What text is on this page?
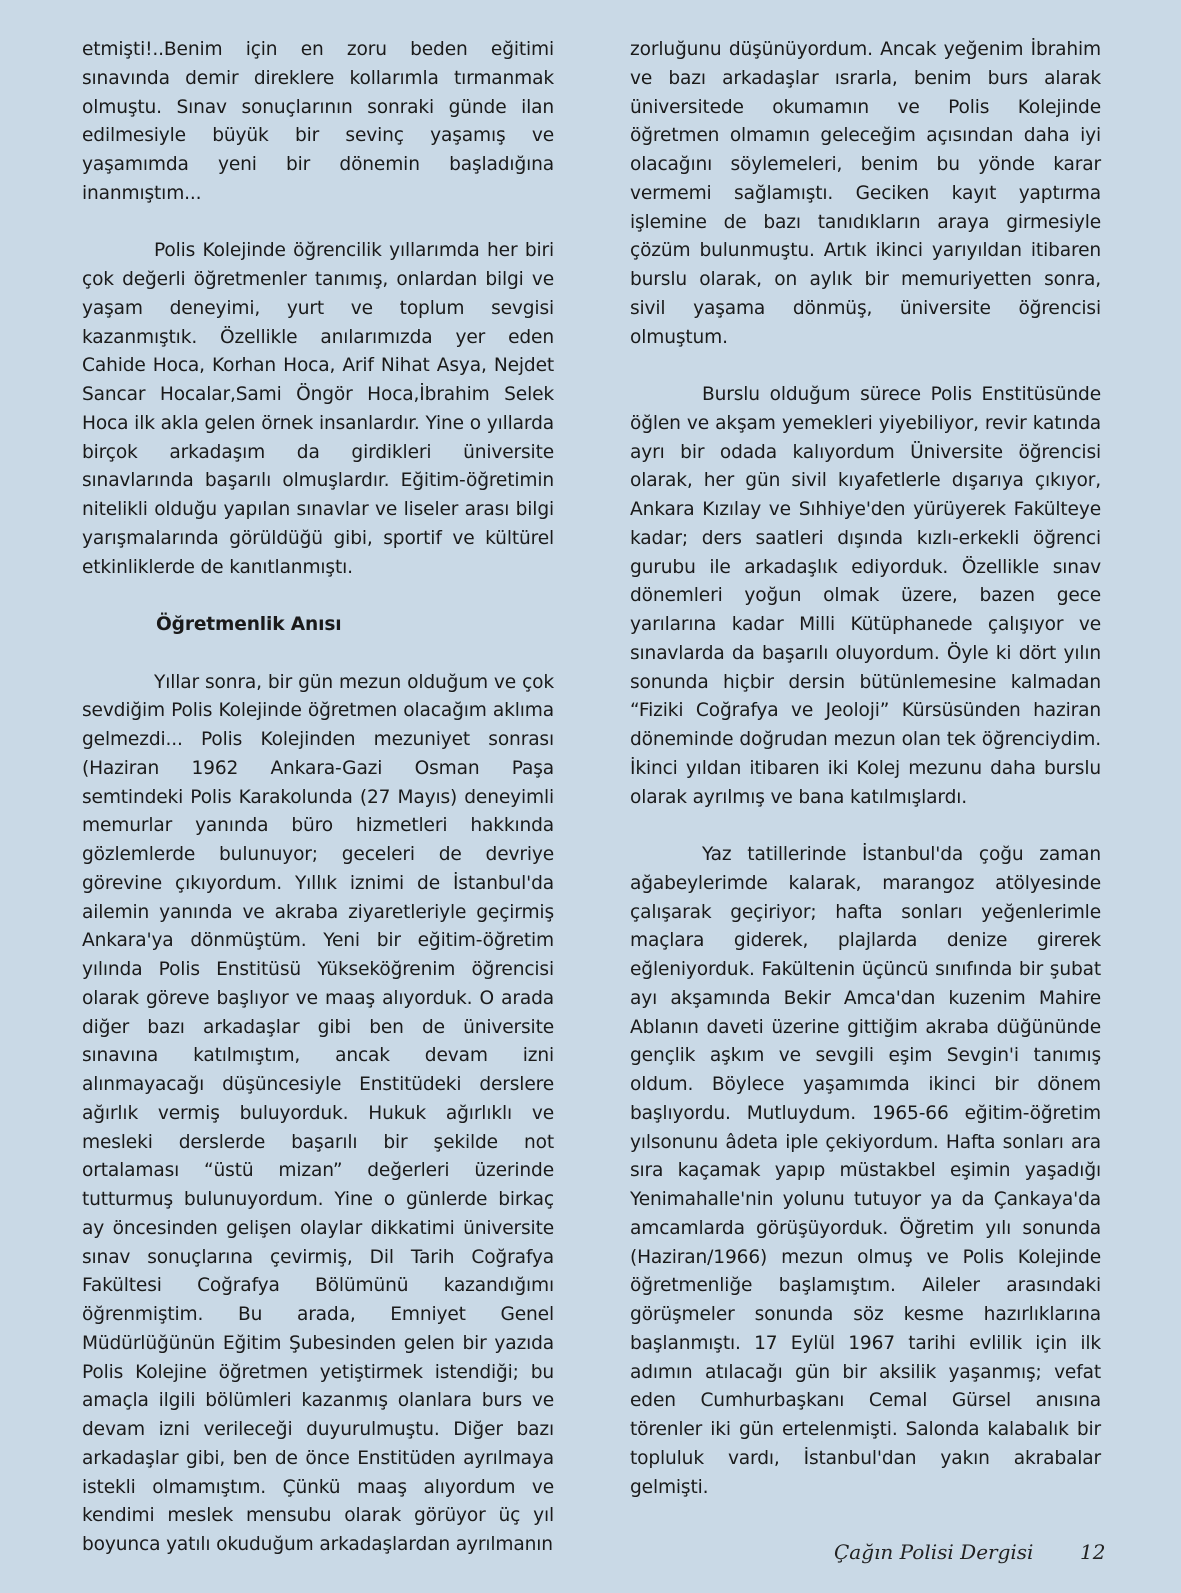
etmişti!..Benim için en zoru beden eğitimi sınavında demir direklere kollarımla tırmanmak olmuştu. Sınav sonuçlarının sonraki günde ilan edilmesiyle büyük bir sevinç yaşamış ve yaşamımda yeni bir dönemin başladığına inanmıştım...

Polis Kolejinde öğrencilik yıllarımda her biri çok değerli öğretmenler tanımış, onlardan bilgi ve yaşam deneyimi, yurt ve toplum sevgisi kazanmıştık. Özellikle anılarımızda yer eden Cahide Hoca, Korhan Hoca, Arif Nihat Asya, Nejdet Sancar Hocalar,Sami Öngör Hoca,İbrahim Selek Hoca ilk akla gelen örnek insanlardır. Yine o yıllarda birçok arkadaşım da girdikleri üniversite sınavlarında başarılı olmuşlardır. Eğitim-öğretimin nitelikli olduğu yapılan sınavlar ve liseler arası bilgi yarışmalarında görüldüğü gibi, sportif ve kültürel etkinliklerde de kanıtlanmıştı.

Öğretmenlik Anısı

Yıllar sonra, bir gün mezun olduğum ve çok sevdiğim Polis Kolejinde öğretmen olacağım aklıma gelmezdi... Polis Kolejinden mezuniyet sonrası (Haziran 1962 Ankara-Gazi Osman Paşa semtindeki Polis Karakolunda (27 Mayıs) deneyimli memurlar yanında büro hizmetleri hakkında gözlemlerde bulunuyor; geceleri de devriye görevine çıkıyordum. Yıllık iznimi de İstanbul'da ailemin yanında ve akraba ziyaretleriyle geçirmiş Ankara'ya dönmüştüm. Yeni bir eğitim-öğretim yılında Polis Enstitüsü Yükseköğrenim öğrencisi olarak göreve başlıyor ve maaş alıyorduk. O arada diğer bazı arkadaşlar gibi ben de üniversite sınavına katılmıştım, ancak devam izni alınmayacağı düşüncesiyle Enstitüdeki derslere ağırlık vermiş buluyorduk. Hukuk ağırlıklı ve mesleki derslerde başarılı bir şekilde not ortalaması “üstü mizan” değerleri üzerinde tutturmuş bulunuyordum. Yine o günlerde birkaç ay öncesinden gelişen olaylar dikkatimi üniversite sınav sonuçlarına çevirmiş, Dil Tarih Coğrafya Fakültesi Coğrafya Bölümünü kazandığımı öğrenmiştim. Bu arada, Emniyet Genel Müdürlüğünün Eğitim Şubesinden gelen bir yazıda Polis Kolejine öğretmen yetiştirmek istendiği; bu amaçla ilgili bölümleri kazanmış olanlara burs ve devam izni verileceği duyurulmuştu. Diğer bazı arkadaşlar gibi, ben de önce Enstitüden ayrılmaya istekli olmamıştım. Çünkü maaş alıyordum ve kendimi meslek mensubu olarak görüyor üç yıl boyunca yatılı okuduğum arkadaşlardan ayrılmanın

zorluğunu düşünüyordum. Ancak yeğenim İbrahim ve bazı arkadaşlar ısrarla, benim burs alarak üniversitede okumamın ve Polis Kolejinde öğretmen olmamın geleceğim açısından daha iyi olacağını söylemeleri, benim bu yönde karar vermemi sağlamıştı. Geciken kayıt yaptırma işlemine de bazı tanıdıkların araya girmesiyle çözüm bulunmuştu. Artık ikinci yarıyıldan itibaren burslu olarak, on aylık bir memuriyetten sonra, sivil yaşama dönmüş, üniversite öğrencisi olmuştum.

Burslu olduğum sürece Polis Enstitüsünde öğlen ve akşam yemekleri yiyebiliyor, revir katında ayrı bir odada kalıyordum Üniversite öğrencisi olarak, her gün sivil kıyafetlerle dışarıya çıkıyor, Ankara Kızılay ve Sıhhiye'den yürüyerek Fakülteye kadar; ders saatleri dışında kızlı-erkekli öğrenci gurubu ile arkadaşlık ediyorduk. Özellikle sınav dönemleri yoğun olmak üzere, bazen gece yarılarına kadar Milli Kütüphanede çalışıyor ve sınavlarda da başarılı oluyordum. Öyle ki dört yılın sonunda hiçbir dersin bütünlemesine kalmadan “Fiziki Coğrafya ve Jeoloji” Kürsüsünden haziran döneminde doğrudan mezun olan tek öğrenciydim. İkinci yıldan itibaren iki Kolej mezunu daha burslu olarak ayrılmış ve bana katılmışlardı.

Yaz tatillerinde İstanbul'da çoğu zaman ağabeylerimde kalarak, marangoz atölyesinde çalışarak geçiriyor; hafta sonları yeğenlerimle maçlara giderek, plajlarda denize girerek eğleniyorduk. Fakültenin üçüncü sınıfında bir şubat ayı akşamında Bekir Amca'dan kuzenim Mahire Ablanın daveti üzerine gittiğim akraba düğününde gençlik aşkım ve sevgili eşim Sevgin'i tanımış oldum. Böylece yaşamımda ikinci bir dönem başlıyordu. Mutluydum. 1965-66 eğitim-öğretim yılsonunu âdeta iple çekiyordum. Hafta sonları ara sıra kaçamak yapıp müstakbel eşimin yaşadığı Yenimahalle'nin yolunu tutuyor ya da Çankaya'da amcamlarda görüşüyorduk. Öğretim yılı sonunda (Haziran/1966) mezun olmuş ve Polis Kolejinde öğretmenliğe başlamıştım. Aileler arasındaki görüşmeler sonunda söz kesme hazırlıklarına başlanmıştı. 17 Eylül 1967 tarihi evlilik için ilk adımın atılacağı gün bir aksilik yaşanmış; vefat eden Cumhurbaşkanı Cemal Gürsel anısına törenler iki gün ertelenmişti. Salonda kalabalık bir topluluk vardı, İstanbul'dan yakın akrabalar gelmişti.

Çağın Polisi Dergisi 12
